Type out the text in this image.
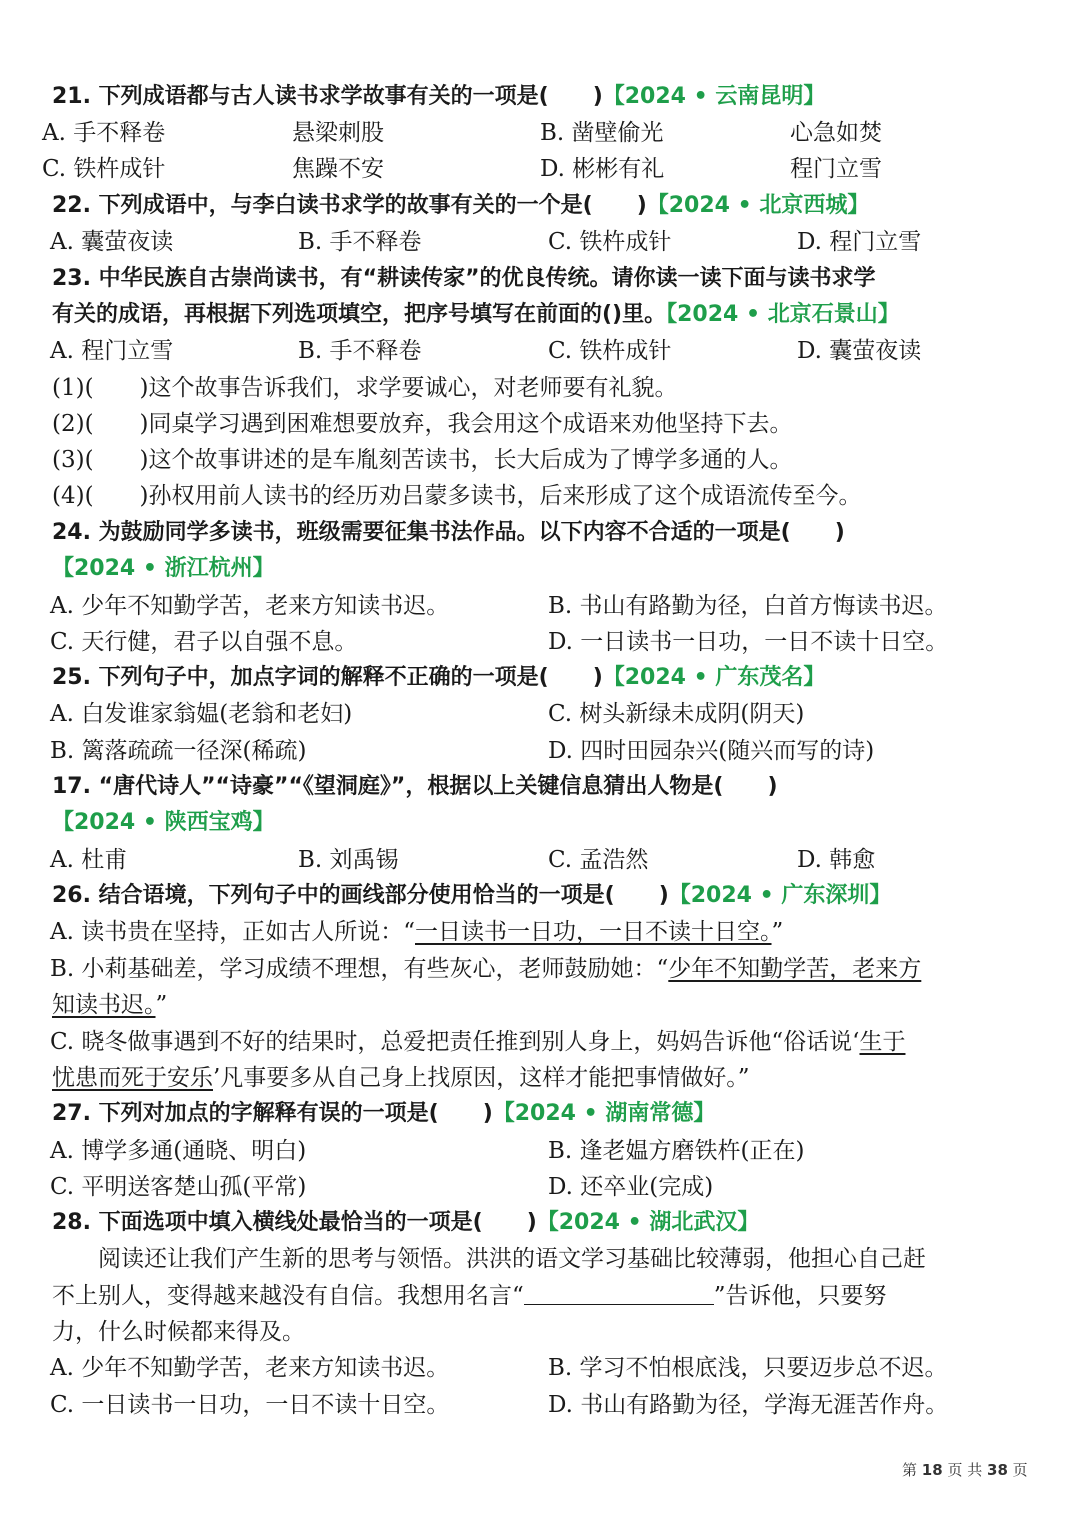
21. 下列成语都与古人读书求学故事有关的一项是(　　)【2024 • 云南昆明】
A. 手不释卷	悬梁刺股	B. 凿壁偷光	心急如焚
C. 铁杵成针	焦躁不安	D. 彬彬有礼	程门立雪
22. 下列成语中，与李白读书求学的故事有关的一个是(　　)【2024 • 北京西城】
A. 囊萤夜读	B. 手不释卷	C. 铁杵成针	D. 程门立雪
23. 中华民族自古崇尚读书，有“耕读传家”的优良传统。请你读一读下面与读书求学
有关的成语，再根据下列选项填空，把序号填写在前面的()里。【2024 • 北京石景山】
A. 程门立雪	B. 手不释卷	C. 铁杵成针	D. 囊萤夜读
(1)(　　)这个故事告诉我们，求学要诚心，对老师要有礼貌。
(2)(　　)同桌学习遇到困难想要放弃，我会用这个成语来劝他坚持下去。
(3)(　　)这个故事讲述的是车胤刻苦读书，长大后成为了博学多通的人。
(4)(　　)孙权用前人读书的经历劝吕蒙多读书，后来形成了这个成语流传至今。
24. 为鼓励同学多读书，班级需要征集书法作品。以下内容不合适的一项是(　　)
【2024 • 浙江杭州】
A. 少年不知勤学苦，老来方知读书迟。	B. 书山有路勤为径，白首方悔读书迟。
C. 天行健，君子以自强不息。	D. 一日读书一日功，一日不读十日空。
25. 下列句子中，加点字词的解释不正确的一项是(　　)【2024 • 广东茂名】
A. 白发谁家翁媪(老翁和老妇)	C. 树头新绿未成阴(阴天)
B. 篱落疏疏一径深(稀疏)	D. 四时田园杂兴(随兴而写的诗)
17. “唐代诗人”“诗豪”“《望洞庭》”，根据以上关键信息猜出人物是(　　)
【2024 • 陕西宝鸡】
A. 杜甫	B. 刘禹锡	C. 孟浩然	D. 韩愈
26. 结合语境，下列句子中的画线部分使用恰当的一项是(　　)【2024 • 广东深圳】
A. 读书贵在坚持，正如古人所说：“一日读书一日功，一日不读十日空。”
B. 小莉基础差，学习成绩不理想，有些灰心，老师鼓励她：“少年不知勤学苦，老来方
知读书迟。”
C. 晓冬做事遇到不好的结果时，总爱把责任推到别人身上，妈妈告诉他“俗话说‘生于
忧患而死于安乐’凡事要多从自己身上找原因，这样才能把事情做好。”
27. 下列对加点的字解释有误的一项是(　　)【2024 • 湖南常德】
A. 博学多通(通晓、明白)	B. 逢老媪方磨铁杵(正在)
C. 平明送客楚山孤(平常)	D. 还卒业(完成)
28. 下面选项中填入横线处最恰当的一项是(　　)【2024 • 湖北武汉】
阅读还让我们产生新的思考与领悟。洪洪的语文学习基础比较薄弱，他担心自己赶
不上别人，变得越来越没有自信。我想用名言“	”告诉他，只要努
力，什么时候都来得及。
A. 少年不知勤学苦，老来方知读书迟。	B. 学习不怕根底浅，只要迈步总不迟。
C. 一日读书一日功，一日不读十日空。	D. 书山有路勤为径，学海无涯苦作舟。
第 18 页 共 38 页
